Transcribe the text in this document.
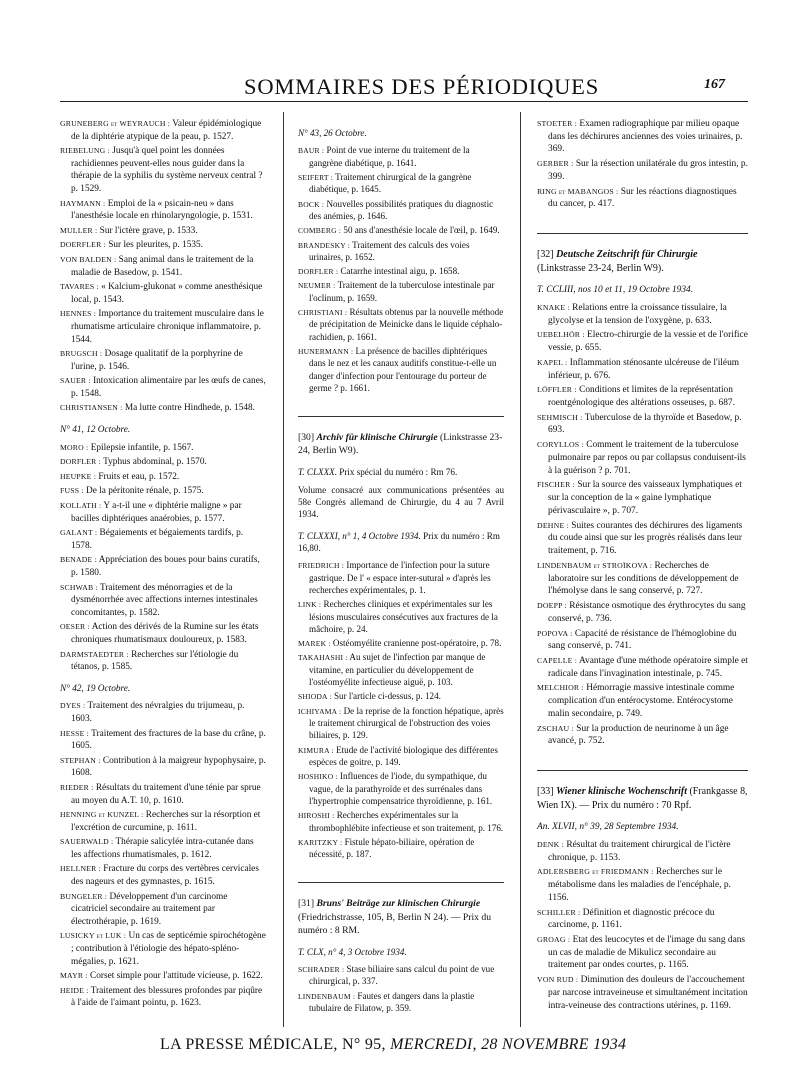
SOMMAIRES DES PÉRIODIQUES	167

GRUNEBERG et WEYRAUCH : Valeur épidémiologique de la diphtérie atypique de la peau, p. 1527.

RIEBELUNG : Jusqu'à quel point les données rachidiennes peuvent-elles nous guider dans la thérapie de la syphilis du système nerveux central ? p. 1529.

HAYMANN : Emploi de la « psicain-neu » dans l'anesthésie locale en rhinolaryngologie, p. 1531.

MULLER : Sur l'ictère grave, p. 1533.

DOERFLER : Sur les pleurites, p. 1535.

VON BALDEN : Sang animal dans le traitement de la maladie de Basedow, p. 1541.

TAVARES : « Kalcium-glukonat » comme anesthésique local, p. 1543.

HENNES : Importance du traitement musculaire dans le rhumatisme articulaire chronique inflammatoire, p. 1544.

BRUGSCH : Dosage qualitatif de la porphyrine de l'urine, p. 1546.

SAUER : Intoxication alimentaire par les œufs de canes, p. 1548.

CHRISTIANSEN : Ma lutte contre Hindhede, p. 1548.

N° 41, 12 Octobre.

MORO : Epilepsie infantile, p. 1567.

DORFLER : Typhus abdominal, p. 1570.

HEUPKE : Fruits et eau, p. 1572.

FUSS : De la péritonite rénale, p. 1575.

KOLLATH : Y a-t-il une « diphtérie maligne » par bacilles diphtériques anaérobies, p. 1577.

GALANT : Bégaiements et bégaiements tardifs, p. 1578.

BENADE : Appréciation des boues pour bains curatifs, p. 1580.

SCHWAB : Traitement des ménorragies et de la dysménorrhée avec affections internes intestinales concomitantes, p. 1582.

OESER : Action des dérivés de la Rumine sur les états chroniques rhumatismaux douloureux, p. 1583.

DARMSTAEDTER : Recherches sur l'étiologie du tétanos, p. 1585.

N° 42, 19 Octobre.

DYES : Traitement des névralgies du trijumeau, p. 1603.

HESSE : Traitement des fractures de la base du crâne, p. 1605.

STEPHAN : Contribution à la maigreur hypophysaire, p. 1608.

RIEDER : Résultats du traitement d'une ténie par sprue au moyen du A.T. 10, p. 1610.

HENNING et KUNZEL : Recherches sur la résorption et l'excrétion de curcumine, p. 1611.

SAUERWALD : Thérapie salicylée intra-cutanée dans les affections rhumatismales, p. 1612.

HELLNER : Fracture du corps des vertèbres cervicales des nageurs et des gymnastes, p. 1615.

BUNGELER : Développement d'un carcinome cicatriciel secondaire au traitement par électrothérapie, p. 1619.

LUSICKY et LUK : Un cas de septicémie spirochétogène ; contribution à l'étiologie des hépato-spléno-mégalies, p. 1621.

MAYR : Corset simple pour l'attitude vicieuse, p. 1622.

HEIDE : Traitement des blessures profondes par piqûre à l'aide de l'aimant pointu, p. 1623.

N° 43, 26 Octobre.

BAUR : Point de vue interne du traitement de la gangrène diabétique, p. 1641.

SEIFERT : Traitement chirurgical de la gangrène diabétique, p. 1645.

BOCK : Nouvelles possibilités pratiques du diagnostic des anémies, p. 1646.

COMBERG : 50 ans d'anesthésie locale de l'œil, p. 1649.

BRANDESKY : Traitement des calculs des voies urinaires, p. 1652.

DORFLER : Catarrhe intestinal aigu, p. 1658.

NEUMER : Traitement de la tuberculose intestinale par l'oclinum, p. 1659.

CHRISTIANI : Résultats obtenus par la nouvelle méthode de précipitation de Meinicke dans le liquide céphalo-rachidien, p. 1661.

HUNERMANN : La présence de bacilles diphtériques dans le nez et les canaux auditifs constitue-t-elle un danger d'infection pour l'entourage du porteur de germe ? p. 1661.

[30] Archiv für klinische Chirurgie (Linkstrasse 23-24, Berlin W9).

T. CLXXX. Prix spécial du numéro : Rm 76.

Volume consacré aux communications présentées au 58e Congrès allemand de Chirurgie, du 4 au 7 Avril 1934.

T. CLXXXI, n° 1, 4 Octobre 1934. Prix du numéro : Rm 16,80.

FRIEDRICH : Importance de l'infection pour la suture gastrique. De l' « espace inter-sutural » d'après les recherches expérimentales, p. 1.

LINK : Recherches cliniques et expérimentales sur les lésions musculaires consécutives aux fractures de la mâchoire, p. 24.

MAREK : Ostéomyélite cranienne post-opératoire, p. 78.

TAKAHASHI : Au sujet de l'infection par manque de vitamine, en particulier du développement de l'ostéomyélite infectieuse aiguë, p. 103.

SHIODA : Sur l'article ci-dessus, p. 124.

ICHIYAMA : De la reprise de la fonction hépatique, après le traitement chirurgical de l'obstruction des voies biliaires, p. 129.

KIMURA : Etude de l'activité biologique des différentes espèces de goitre, p. 149.

HOSHIKO : Influences de l'iode, du sympathique, du vague, de la parathyroïde et des surrénales dans l'hypertrophie compensatrice thyroïdienne, p. 161.

HIROSHI : Recherches expérimentales sur la thrombophlébite infectieuse et son traitement, p. 176.

KARITZKY : Fistule hépato-biliaire, opération de nécessité, p. 187.

[31] Bruns' Beiträge zur klinischen Chirurgie (Friedrichstrasse, 105, B, Berlin N 24). — Prix du numéro : 8 RM.

T. CLX, n° 4, 3 Octobre 1934.

SCHRADER : Stase biliaire sans calcul du point de vue chirurgical, p. 337.

LINDENBAUM : Fautes et dangers dans la plastie tubulaire de Filatow, p. 359.

STOETER : Examen radiographique par milieu opaque dans les déchirures anciennes des voies urinaires, p. 369.

GERBER : Sur la résection unilatérale du gros intestin, p. 399.

RING et MABANGOS : Sur les réactions diagnostiques du cancer, p. 417.

[32] Deutsche Zeitschrift für Chirurgie (Linkstrasse 23-24, Berlin W9).

T. CCLIII, nos 10 et 11, 19 Octobre 1934.

KNAKE : Relations entre la croissance tissulaire, la glycolyse et la tension de l'oxygène, p. 633.

UEBELHÖR : Electro-chirurgie de la vessie et de l'orifice vessie, p. 655.

KAPEL : Inflammation sténosante ulcéreuse de l'iléum inférieur, p. 676.

LÖFFLER : Conditions et limites de la représentation roentgénologique des altérations osseuses, p. 687.

SEHMISCH : Tuberculose de la thyroïde et Basedow, p. 693.

CORYLLOS : Comment le traitement de la tuberculose pulmonaire par repos ou par collapsus conduisent-ils à la guérison ? p. 701.

FISCHER : Sur la source des vaisseaux lymphatiques et sur la conception de la « gaine lymphatique périvasculaire », p. 707.

DEHNE : Suites courantes des déchirures des ligaments du coude ainsi que sur les progrès réalisés dans leur traitement, p. 716.

LINDENBAUM et STROÏKOVA : Recherches de laboratoire sur les conditions de développement de l'hémolyse dans le sang conservé, p. 727.

DOEPP : Résistance osmotique des érythrocytes du sang conservé, p. 736.

POPOVA : Capacité de résistance de l'hémoglobine du sang conservé, p. 741.

CAPELLE : Avantage d'une méthode opératoire simple et radicale dans l'invagination intestinale, p. 745.

MELCHIOR : Hémorragie massive intestinale comme complication d'un entérocystome. Entérocystome malin secondaire, p. 749.

ZSCHAU : Sur la production de neurinome à un âge avancé, p. 752.

[33] Wiener klinische Wochenschrift (Frankgasse 8, Wien IX). — Prix du numéro : 70 Rpf.

An. XLVII, n° 39, 28 Septembre 1934.

DENK : Résultat du traitement chirurgical de l'ictère chronique, p. 1153.

ADLERSBERG et FRIEDMANN : Recherches sur le métabolisme dans les maladies de l'encéphale, p. 1156.

SCHILLER : Définition et diagnostic précoce du carcinome, p. 1161.

GROAG : Etat des leucocytes et de l'image du sang dans un cas de maladie de Mikulicz secondaire au traitement par ondes courtes, p. 1165.

VON RUD : Diminution des douleurs de l'accouchement par narcose intraveineuse et simultanément incitation intra-veineuse des contractions utérines, p. 1169.

LA PRESSE MÉDICALE, N° 95, MERCREDI, 28 NOVEMBRE 1934
